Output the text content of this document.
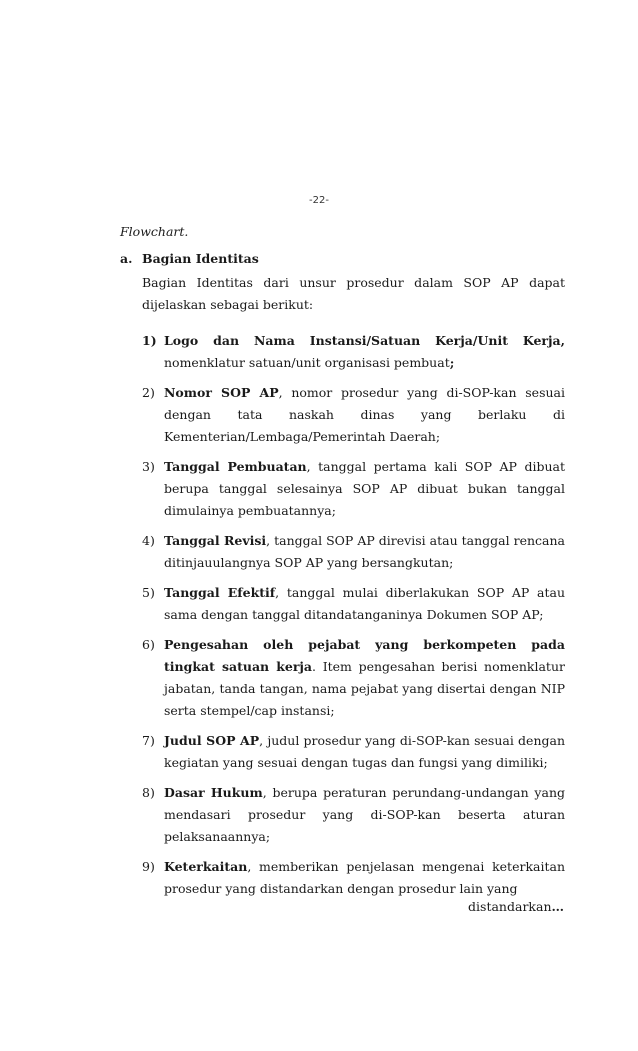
-22-
Flowchart.
a. Bagian Identitas
Bagian Identitas dari unsur prosedur dalam SOP AP dapat dijelaskan sebagai berikut:
1) Logo dan Nama Instansi/Satuan Kerja/Unit Kerja, nomenklatur satuan/unit organisasi pembuat;
2) Nomor SOP AP, nomor prosedur yang di-SOP-kan sesuai dengan tata naskah dinas yang berlaku di Kementerian/Lembaga/Pemerintah Daerah;
3) Tanggal Pembuatan, tanggal pertama kali SOP AP dibuat berupa tanggal selesainya SOP AP dibuat bukan tanggal dimulainya pembuatannya;
4) Tanggal Revisi, tanggal SOP AP direvisi atau tanggal rencana ditinjauulangnya SOP AP yang bersangkutan;
5) Tanggal Efektif, tanggal mulai diberlakukan SOP AP atau sama dengan tanggal ditandatanganinya Dokumen SOP AP;
6) Pengesahan oleh pejabat yang berkompeten pada tingkat satuan kerja. Item pengesahan berisi nomenklatur jabatan, tanda tangan, nama pejabat yang disertai dengan NIP serta stempel/cap instansi;
7) Judul SOP AP, judul prosedur yang di-SOP-kan sesuai dengan kegiatan yang sesuai dengan tugas dan fungsi yang dimiliki;
8) Dasar Hukum, berupa peraturan perundang-undangan yang mendasari prosedur yang di-SOP-kan beserta aturan pelaksanaannya;
9) Keterkaitan, memberikan penjelasan mengenai keterkaitan prosedur yang distandarkan dengan prosedur lain yang
distandarkan…
